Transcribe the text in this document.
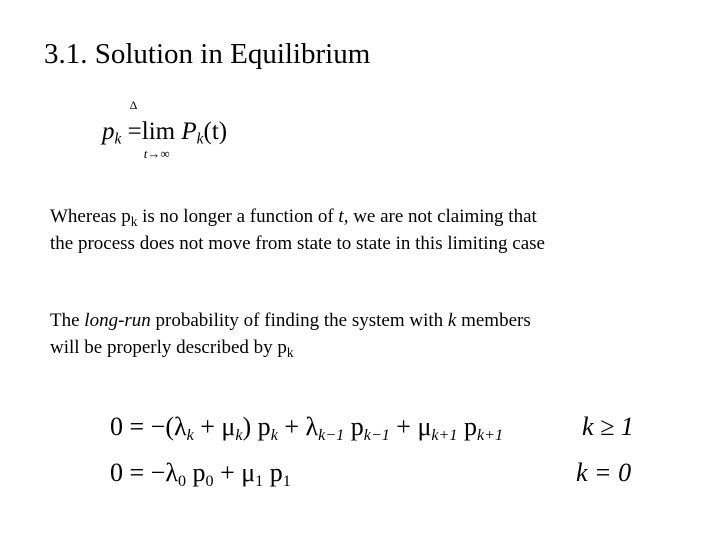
3.1. Solution in Equilibrium
$p_k$
Δ
=lim
t→∞
$P_k(t)$
Whereas $p_k$ is no longer a function of t, we are not claiming that
the process does not move from state to state in this limiting case
The long-run probability of finding the system with k members
will be properly described by $p_k$
$0 = -(\lambda_k + \mu_k) p_k + \lambda_{k-1}$ $p_{k-1} + \mu_{k+1}$ $p_{k+1}$	k ≥ 1
$0 = -\lambda_0$ $p_0 + \mu_1$ $p_1$	k = 0
